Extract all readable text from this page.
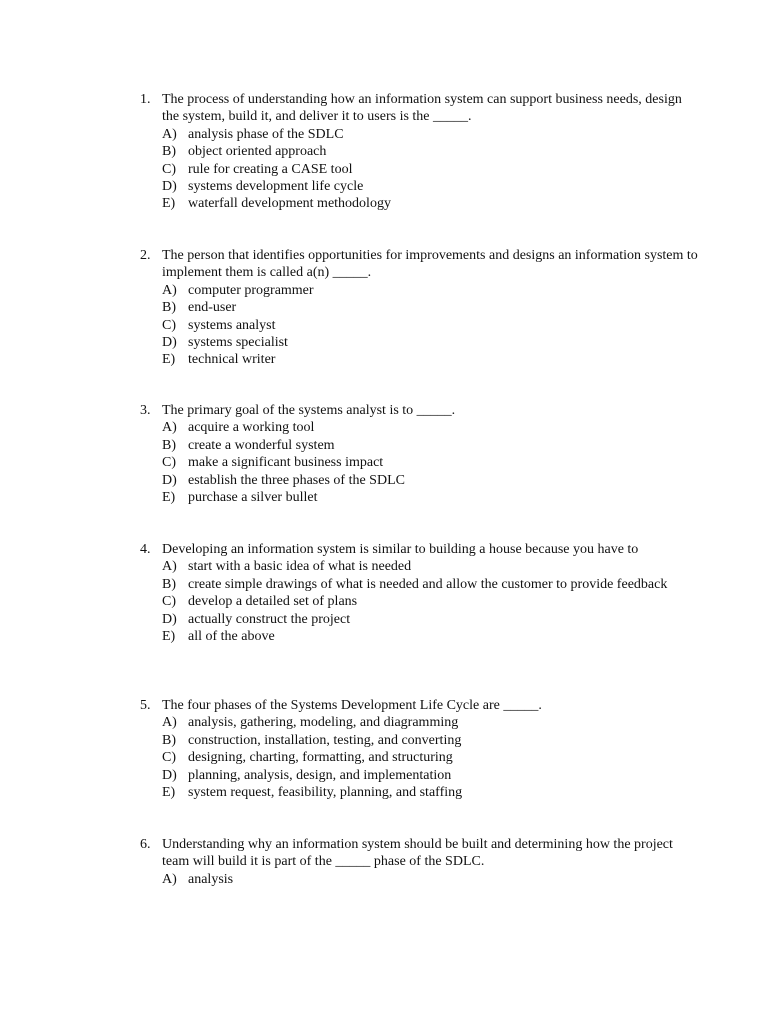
1. The process of understanding how an information system can support business needs, design the system, build it, and deliver it to users is the _____.
A) analysis phase of the SDLC
B) object oriented approach
C) rule for creating a CASE tool
D) systems development life cycle
E) waterfall development methodology
2. The person that identifies opportunities for improvements and designs an information system to implement them is called a(n) _____.
A) computer programmer
B) end-user
C) systems analyst
D) systems specialist
E) technical writer
3. The primary goal of the systems analyst is to _____.
A) acquire a working tool
B) create a wonderful system
C) make a significant business impact
D) establish the three phases of the SDLC
E) purchase a silver bullet
4. Developing an information system is similar to building a house because you have to
A) start with a basic idea of what is needed
B) create simple drawings of what is needed and allow the customer to provide feedback
C) develop a detailed set of plans
D) actually construct the project
E) all of the above
5. The four phases of the Systems Development Life Cycle are _____.
A) analysis, gathering, modeling, and diagramming
B) construction, installation, testing, and converting
C) designing, charting, formatting, and structuring
D) planning, analysis, design, and implementation
E) system request, feasibility, planning, and staffing
6. Understanding why an information system should be built and determining how the project team will build it is part of the _____ phase of the SDLC.
A) analysis
